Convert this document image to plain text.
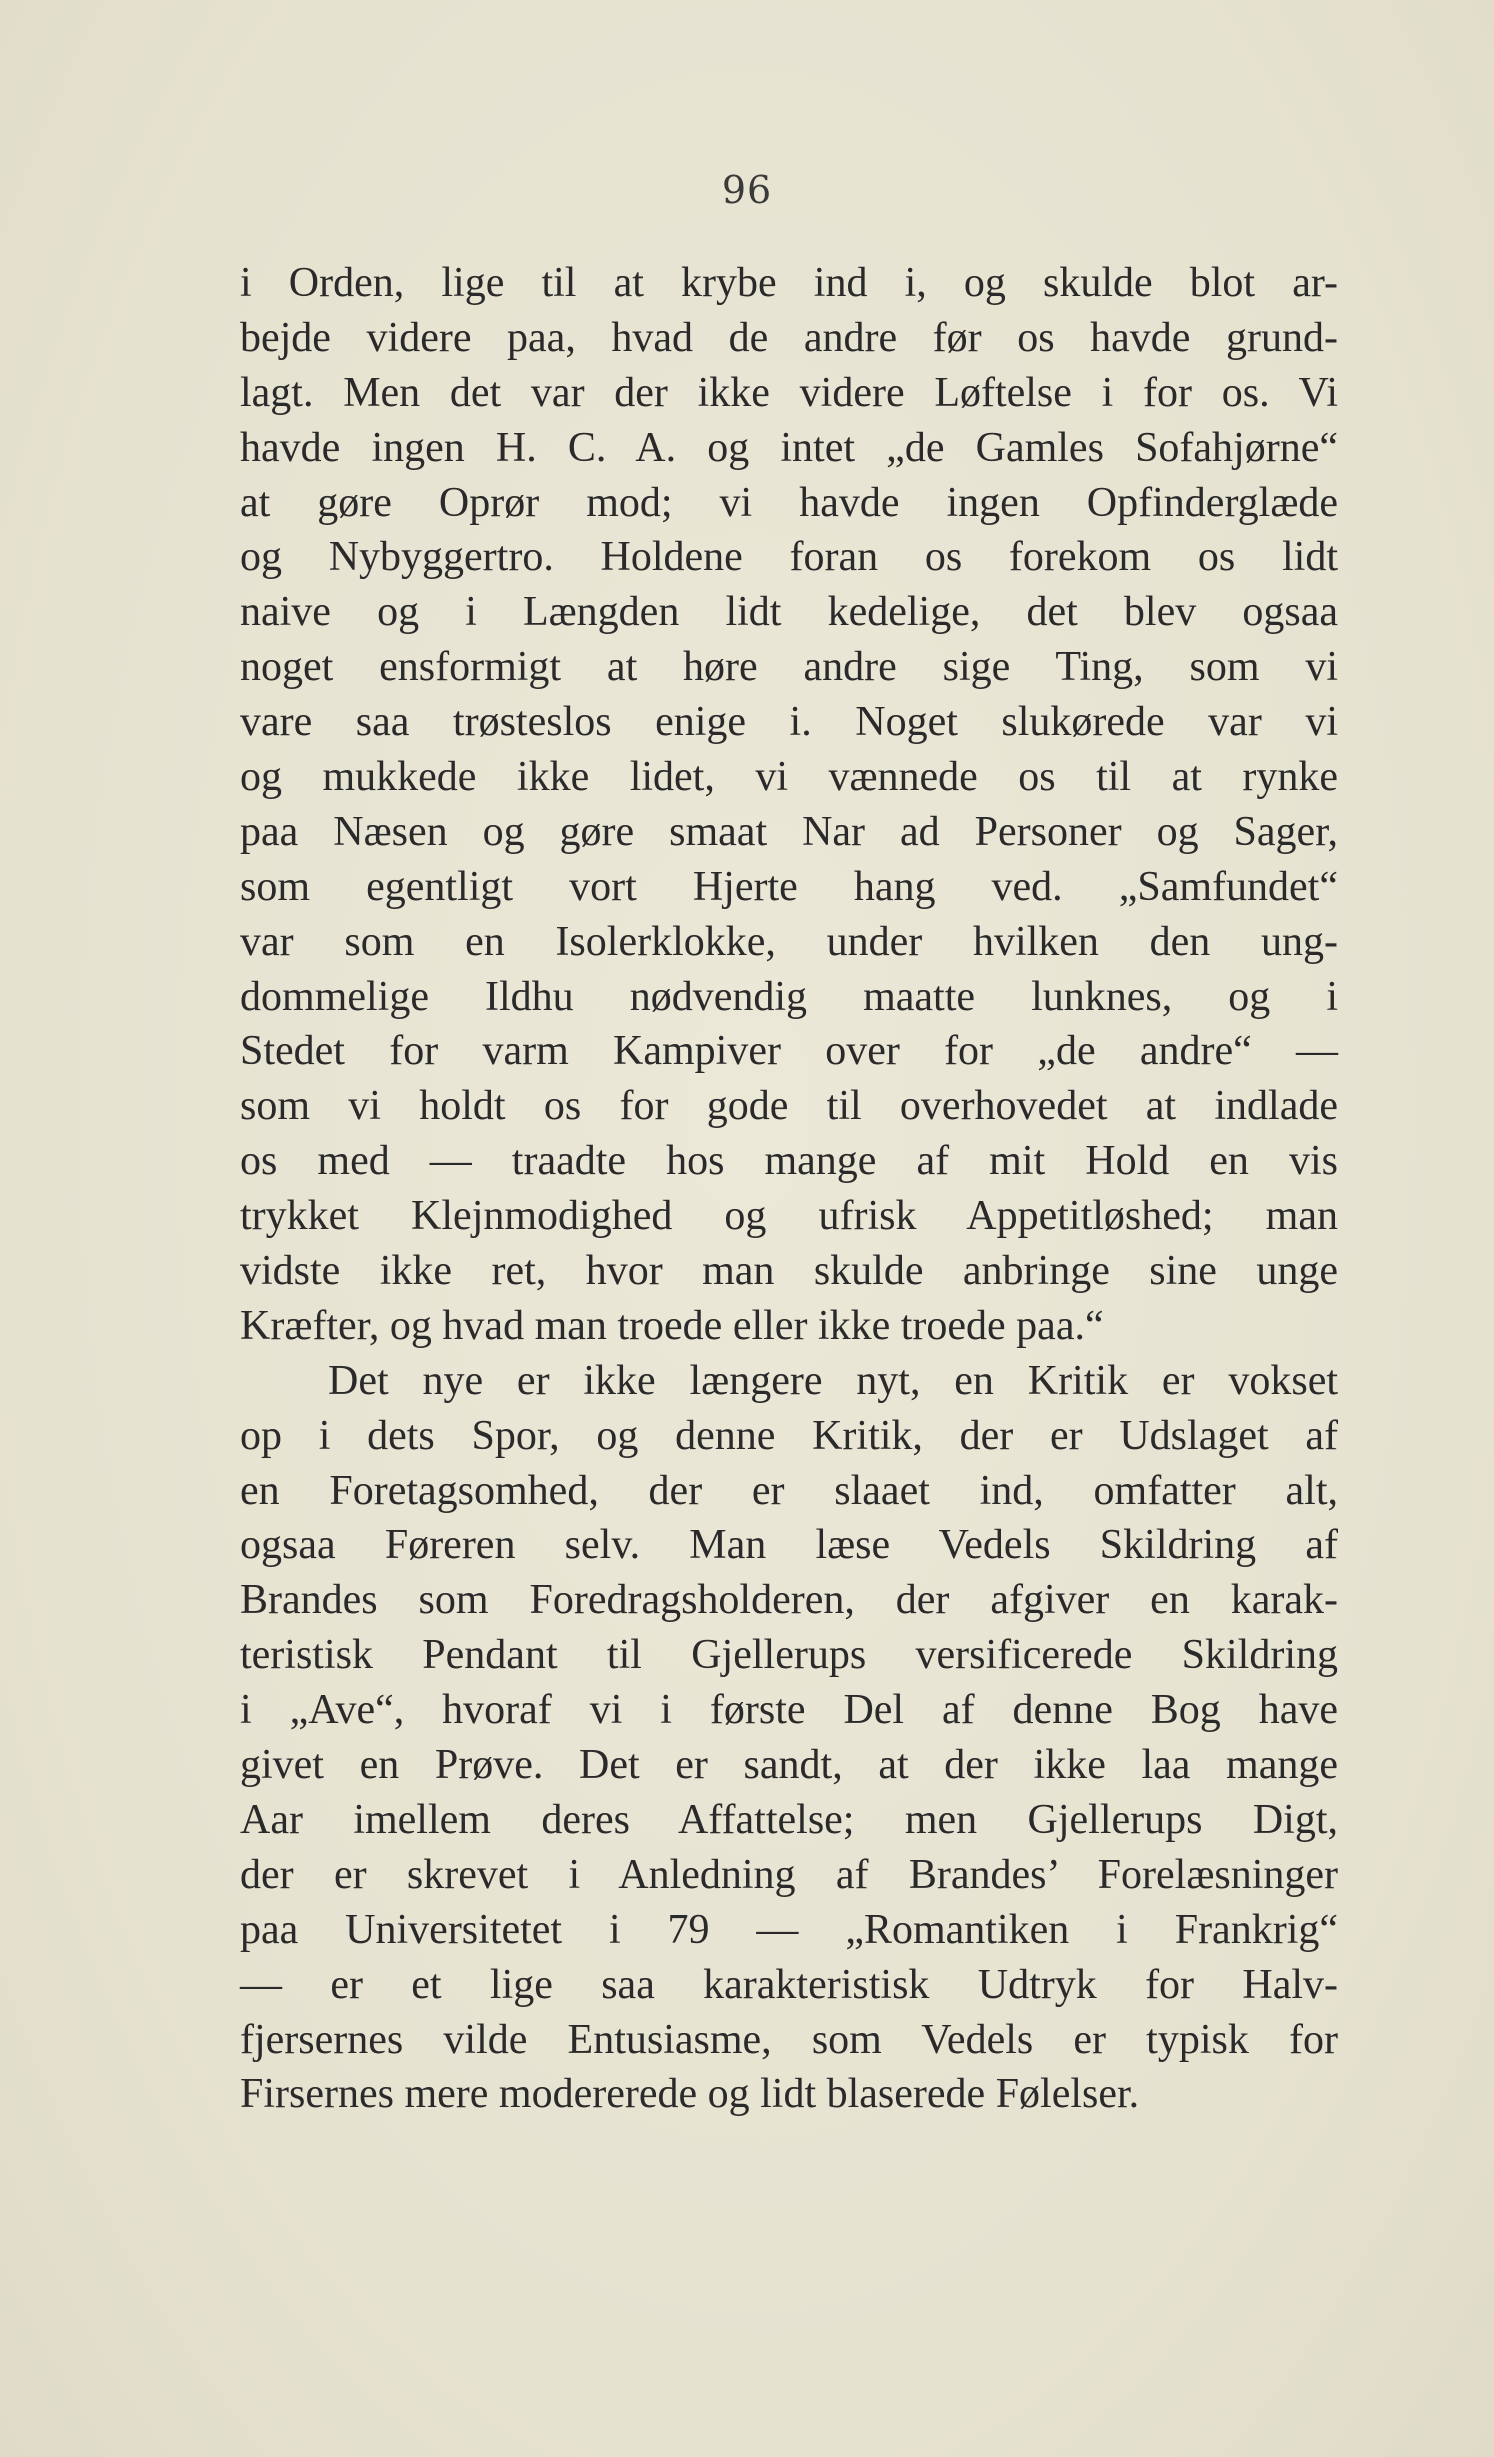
96
i Orden, lige til at krybe ind i, og skulde blot ar-
bejde videre paa, hvad de andre før os havde grund-
lagt. Men det var der ikke videre Løftelse i for os. Vi
havde ingen H. C. A. og intet „de Gamles Sofahjørne“
at gøre Oprør mod; vi havde ingen Opfinderglæde
og Nybyggertro. Holdene foran os forekom os lidt
naive og i Længden lidt kedelige, det blev ogsaa
noget ensformigt at høre andre sige Ting, som vi
vare saa trøsteslos enige i. Noget slukørede var vi
og mukkede ikke lidet, vi vænnede os til at rynke
paa Næsen og gøre smaat Nar ad Personer og Sager,
som egentligt vort Hjerte hang ved. „Samfundet“
var som en Isolerklokke, under hvilken den ung-
dommelige Ildhu nødvendig maatte lunknes, og i
Stedet for varm Kampiver over for „de andre“ —
som vi holdt os for gode til overhovedet at indlade
os med — traadte hos mange af mit Hold en vis
trykket Klejnmodighed og ufrisk Appetitløshed; man
vidste ikke ret, hvor man skulde anbringe sine unge
Kræfter, og hvad man troede eller ikke troede paa.“
Det nye er ikke længere nyt, en Kritik er vokset
op i dets Spor, og denne Kritik, der er Udslaget af
en Foretagsomhed, der er slaaet ind, omfatter alt,
ogsaa Føreren selv. Man læse Vedels Skildring af
Brandes som Foredragsholderen, der afgiver en karak-
teristisk Pendant til Gjellerups versificerede Skildring
i „Ave“, hvoraf vi i første Del af denne Bog have
givet en Prøve. Det er sandt, at der ikke laa mange
Aar imellem deres Affattelse; men Gjellerups Digt,
der er skrevet i Anledning af Brandes’ Forelæsninger
paa Universitetet i 79 — „Romantiken i Frankrig“
— er et lige saa karakteristisk Udtryk for Halv-
fjersernes vilde Entusiasme, som Vedels er typisk for
Firsernes mere modererede og lidt blaserede Følelser.
